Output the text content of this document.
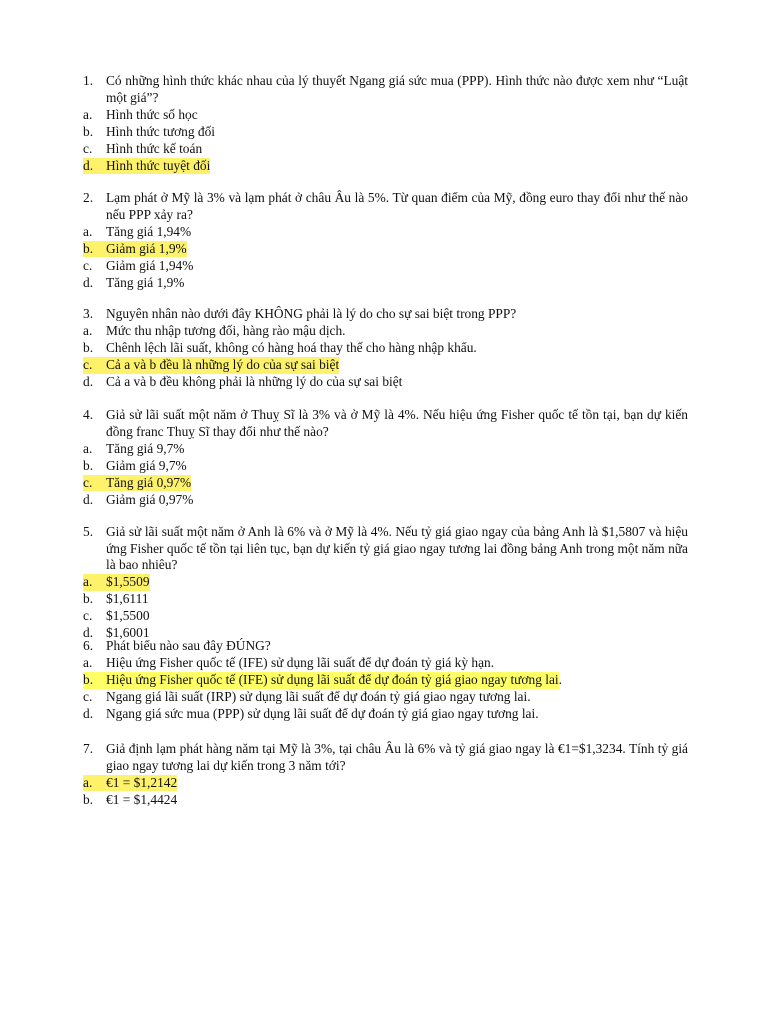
1. Có những hình thức khác nhau của lý thuyết Ngang giá sức mua (PPP). Hình thức nào được xem như “Luật một giá”?
a.	Hình thức số học
b. Hình thức tương đối
c.	Hình thức kế toán
d. Hình thức tuyệt đối
2. Lạm phát ở Mỹ là 3% và lạm phát ở châu Âu là 5%. Từ quan điểm của Mỹ, đồng euro thay đổi như thế nào nếu PPP xảy ra?
a.	Tăng giá 1,94%
b. Giảm giá 1,9%
c.	Giảm giá 1,94%
d. Tăng giá 1,9%
3. Nguyên nhân nào dưới đây KHÔNG phải là lý do cho sự sai biệt trong PPP?
a.	Mức thu nhập tương đối, hàng rào mậu dịch.
b. Chênh lệch lãi suất, không có hàng hoá thay thế cho hàng nhập khẩu.
c.	Cả a và b đều là những lý do của sự sai biệt
d. Cả a và b đều không phải là những lý do của sự sai biệt
4. Giả sử lãi suất một năm ở Thuỵ Sĩ là 3% và ở Mỹ là 4%. Nếu hiệu ứng Fisher quốc tế tồn tại, bạn dự kiến đồng franc Thuỵ Sĩ thay đổi như thế nào?
a.	Tăng giá 9,7%
b. Giảm giá 9,7%
c.	Tăng giá 0,97%
d. Giảm giá 0,97%
5. Giả sử lãi suất một năm ở Anh là 6% và ở Mỹ là 4%. Nếu tỷ giá giao ngay của bảng Anh là $1,5807 và hiệu ứng Fisher quốc tế tồn tại liên tục, bạn dự kiến tỷ giá giao ngay tương lai đồng bảng Anh trong một năm nữa là bao nhiêu?
a.	$1,5509
b. $1,6111
c.	$1,5500
d. $1,6001
6. Phát biểu nào sau đây ĐÚNG?
a.	Hiệu ứng Fisher quốc tế (IFE) sử dụng lãi suất để dự đoán tỷ giá kỳ hạn.
b. Hiệu ứng Fisher quốc tế (IFE) sử dụng lãi suất để dự đoán tỷ giá giao ngay tương lai .
c.	Ngang giá lãi suất (IRP) sử dụng lãi suất để dự đoán tỷ giá giao ngay tương lai.
d. Ngang giá sức mua (PPP) sử dụng lãi suất để dự đoán tỷ giá giao ngay tương lai.
7. Giả định lạm phát hàng năm tại Mỹ là 3%, tại châu Âu là 6% và tỷ giá giao ngay là €1=$1,3234. Tính tỷ giá giao ngay tương lai dự kiến trong 3 năm tới?
a.	€1 = $1,2142
b. €1 = $1,4424
